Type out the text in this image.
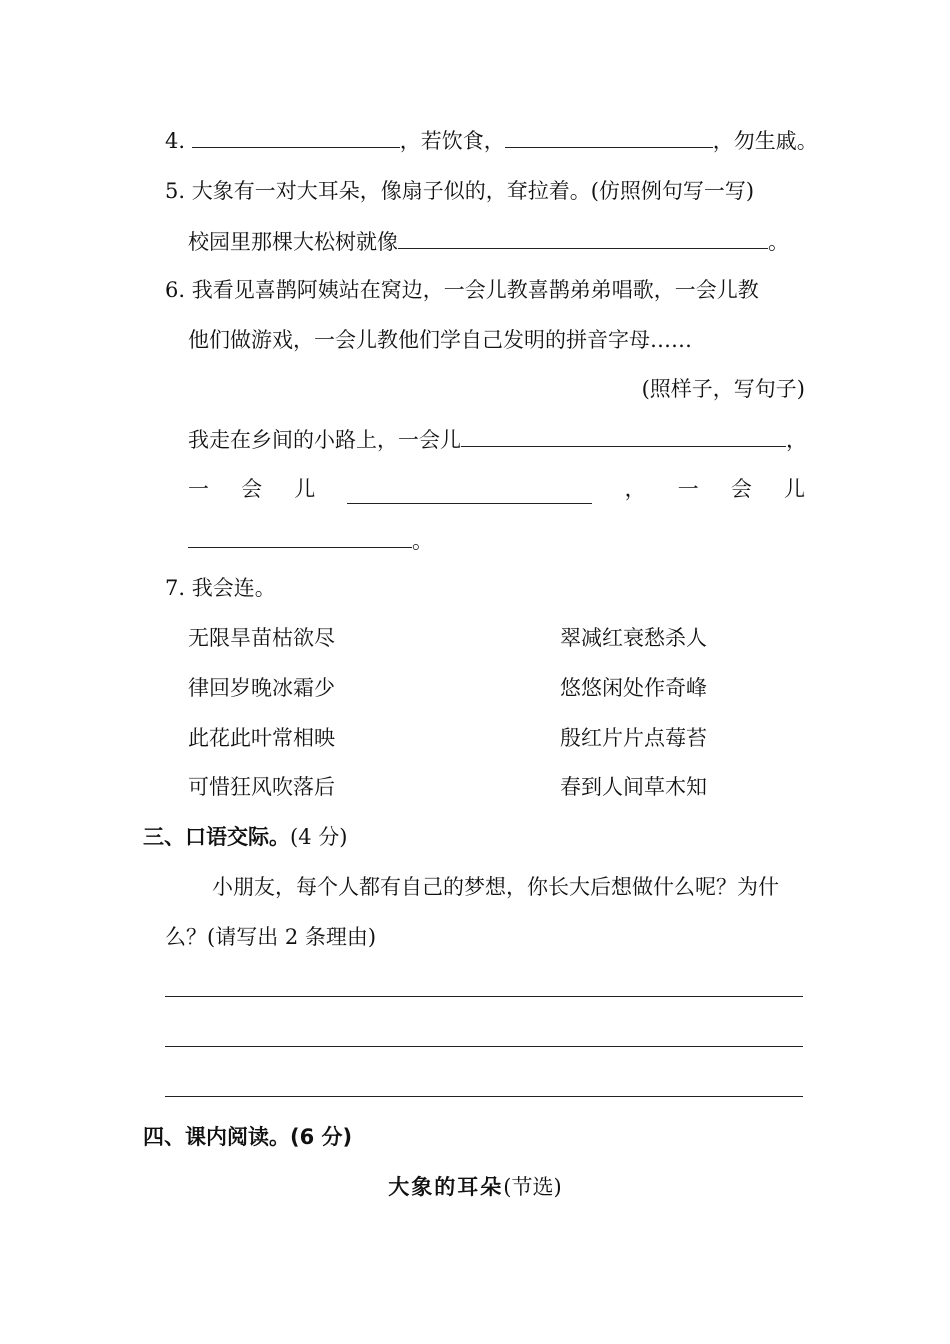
4.	，若饮食，	，勿生戚。
5. 大象有一对大耳朵，像扇子似的，耷拉着。(仿照例句写一写)
校园里那棵大松树就像	。
6. 我看见喜鹊阿姨站在窝边，一会儿教喜鹊弟弟唱歌，一会儿教
他们做游戏，一会儿教他们学自己发明的拼音字母……
(照样子，写句子)
我走在乡间的小路上，一会儿	，
一 会 儿	， 一 会 儿
。
7. 我会连。
无限旱苗枯欲尽	翠减红衰愁杀人
律回岁晚冰霜少	悠悠闲处作奇峰
此花此叶常相映	殷红片片点莓苔
可惜狂风吹落后	春到人间草木知
三、口语交际。(4 分)
小朋友，每个人都有自己的梦想，你长大后想做什么呢？为什
么？(请写出 2 条理由)
四、课内阅读。(6 分)
大象的耳朵(节选)
